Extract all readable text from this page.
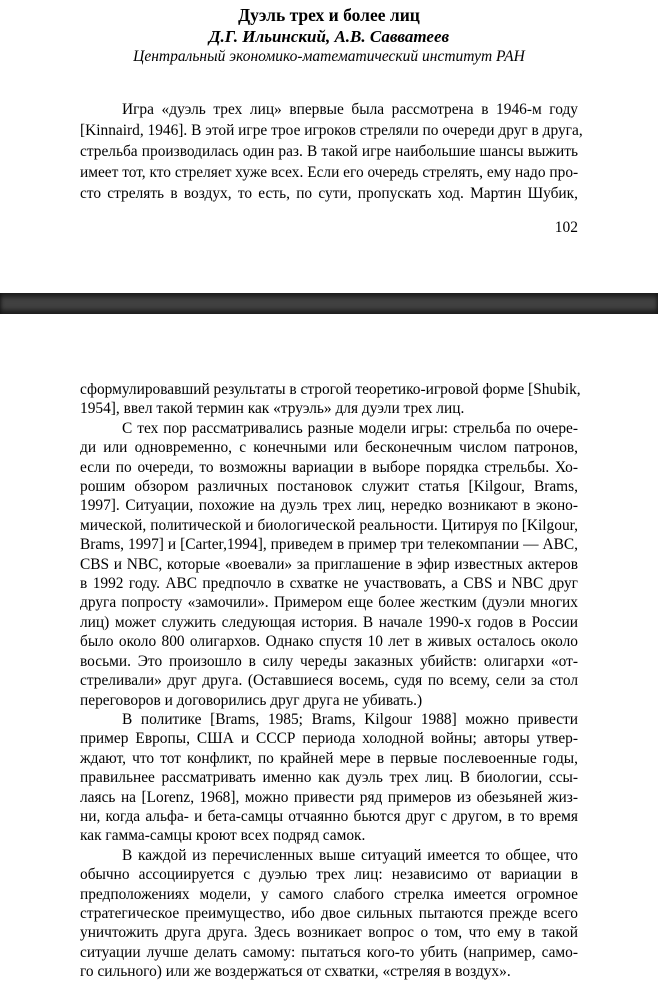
Дуэль трех и более лиц
Д.Г. Ильинский, А.В. Савватеев
Центральный экономико-математический институт РАН
Игра «дуэль трех лиц» впервые была рассмотрена в 1946-м году
[Kinnaird, 1946]. В этой игре трое игроков стреляли по очереди друг в друга,
стрельба производилась один раз. В такой игре наибольшие шансы выжить
имеет тот, кто стреляет хуже всех. Если его очередь стрелять, ему надо про-
сто стрелять в воздух, то есть, по сути, пропускать ход. Мартин Шубик,
102
сформулировавший результаты в строгой теоретико-игровой форме [Shubik,
1954], ввел такой термин как «труэль» для дуэли трех лиц.
С тех пор рассматривались разные модели игры: стрельба по очере-
ди или одновременно, с конечными или бесконечным числом патронов,
если по очереди, то возможны вариации в выборе порядка стрельбы. Хо-
рошим обзором различных постановок служит статья [Kilgour, Brams,
1997]. Ситуации, похожие на дуэль трех лиц, нередко возникают в эконо-
мической, политической и биологической реальности. Цитируя по [Kilgour,
Brams, 1997] и [Carter,1994], приведем в пример три телекомпании — ABC,
CBS и NBC, которые «воевали» за приглашение в эфир известных актеров
в 1992 году. ABC предпочло в схватке не участвовать, а CBS и NBC друг
друга попросту «замочили». Примером еще более жестким (дуэли многих
лиц) может служить следующая история. В начале 1990-х годов в России
было около 800 олигархов. Однако спустя 10 лет в живых осталось около
восьми. Это произошло в силу череды заказных убийств: олигархи «от-
стреливали» друг друга. (Оставшиеся восемь, судя по всему, сели за стол
переговоров и договорились друг друга не убивать.)
В политике [Brams, 1985; Brams, Kilgour 1988] можно привести
пример Европы, США и СССР периода холодной войны; авторы утвер-
ждают, что тот конфликт, по крайней мере в первые послевоенные годы,
правильнее рассматривать именно как дуэль трех лиц. В биологии, ссы-
лаясь на [Lorenz, 1968], можно привести ряд примеров из обезьяней жиз-
ни, когда альфа- и бета-самцы отчаянно бьются друг с другом, в то время
как гамма-самцы кроют всех подряд самок.
В каждой из перечисленных выше ситуаций имеется то общее, что
обычно ассоциируется с дуэлью трех лиц: независимо от вариации в
предположениях модели, у самого слабого стрелка имеется огромное
стратегическое преимущество, ибо двое сильных пытаются прежде всего
уничтожить друга друга. Здесь возникает вопрос о том, что ему в такой
ситуации лучше делать самому: пытаться кого-то убить (например, само-
го сильного) или же воздержаться от схватки, «стреляя в воздух».
